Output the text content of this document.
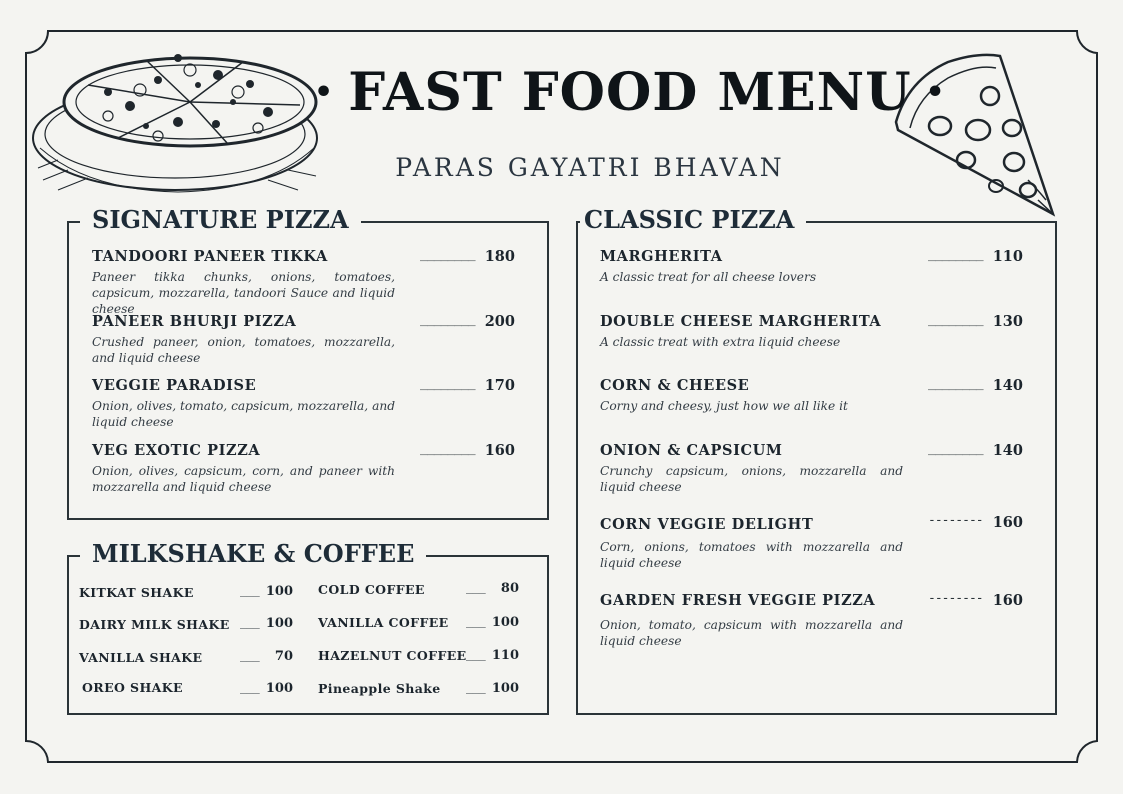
• FAST FOOD MENU •
PARAS GAYATRI BHAVAN
SIGNATURE PIZZA
TANDOORI PANEER TIKKA	________ 180
Paneer tikka chunks, onions, tomatoes, capsicum, mozzarella, tandoori Sauce and liquid cheese
PANEER BHURJI PIZZA	________ 200
Crushed paneer, onion, tomatoes, mozzarella, and liquid cheese
VEGGIE PARADISE	________ 170
Onion, olives, tomato, capsicum, mozzarella, and liquid cheese
VEG EXOTIC PIZZA	________ 160
Onion, olives, capsicum, corn, and paneer with mozzarella and liquid cheese
MILKSHAKE & COFFEE
KITKAT SHAKE	___ 100
DAIRY MILK SHAKE ___ 100
VANILLA SHAKE	___	70
OREO SHAKE	___ 100
COLD COFFEE	___	80
VANILLA COFFEE ___ 100
HAZELNUT COFFEE ___ 110
Pineapple Shake ___ 100
CLASSIC PIZZA
MARGHERITA	________ 110
A classic treat for all cheese lovers
DOUBLE CHEESE MARGHERITA	________ 130
A classic treat with extra liquid cheese
CORN & CHEESE	________ 140
Corny and cheesy, just how we all like it
ONION & CAPSICUM	________ 140
Crunchy capsicum, onions, mozzarella and liquid cheese
CORN VEGGIE DELIGHT	-------- 160
Corn, onions, tomatoes with mozzarella and liquid cheese
GARDEN FRESH VEGGIE PIZZA	-------- 160
Onion, tomato, capsicum with mozzarella and liquid cheese
